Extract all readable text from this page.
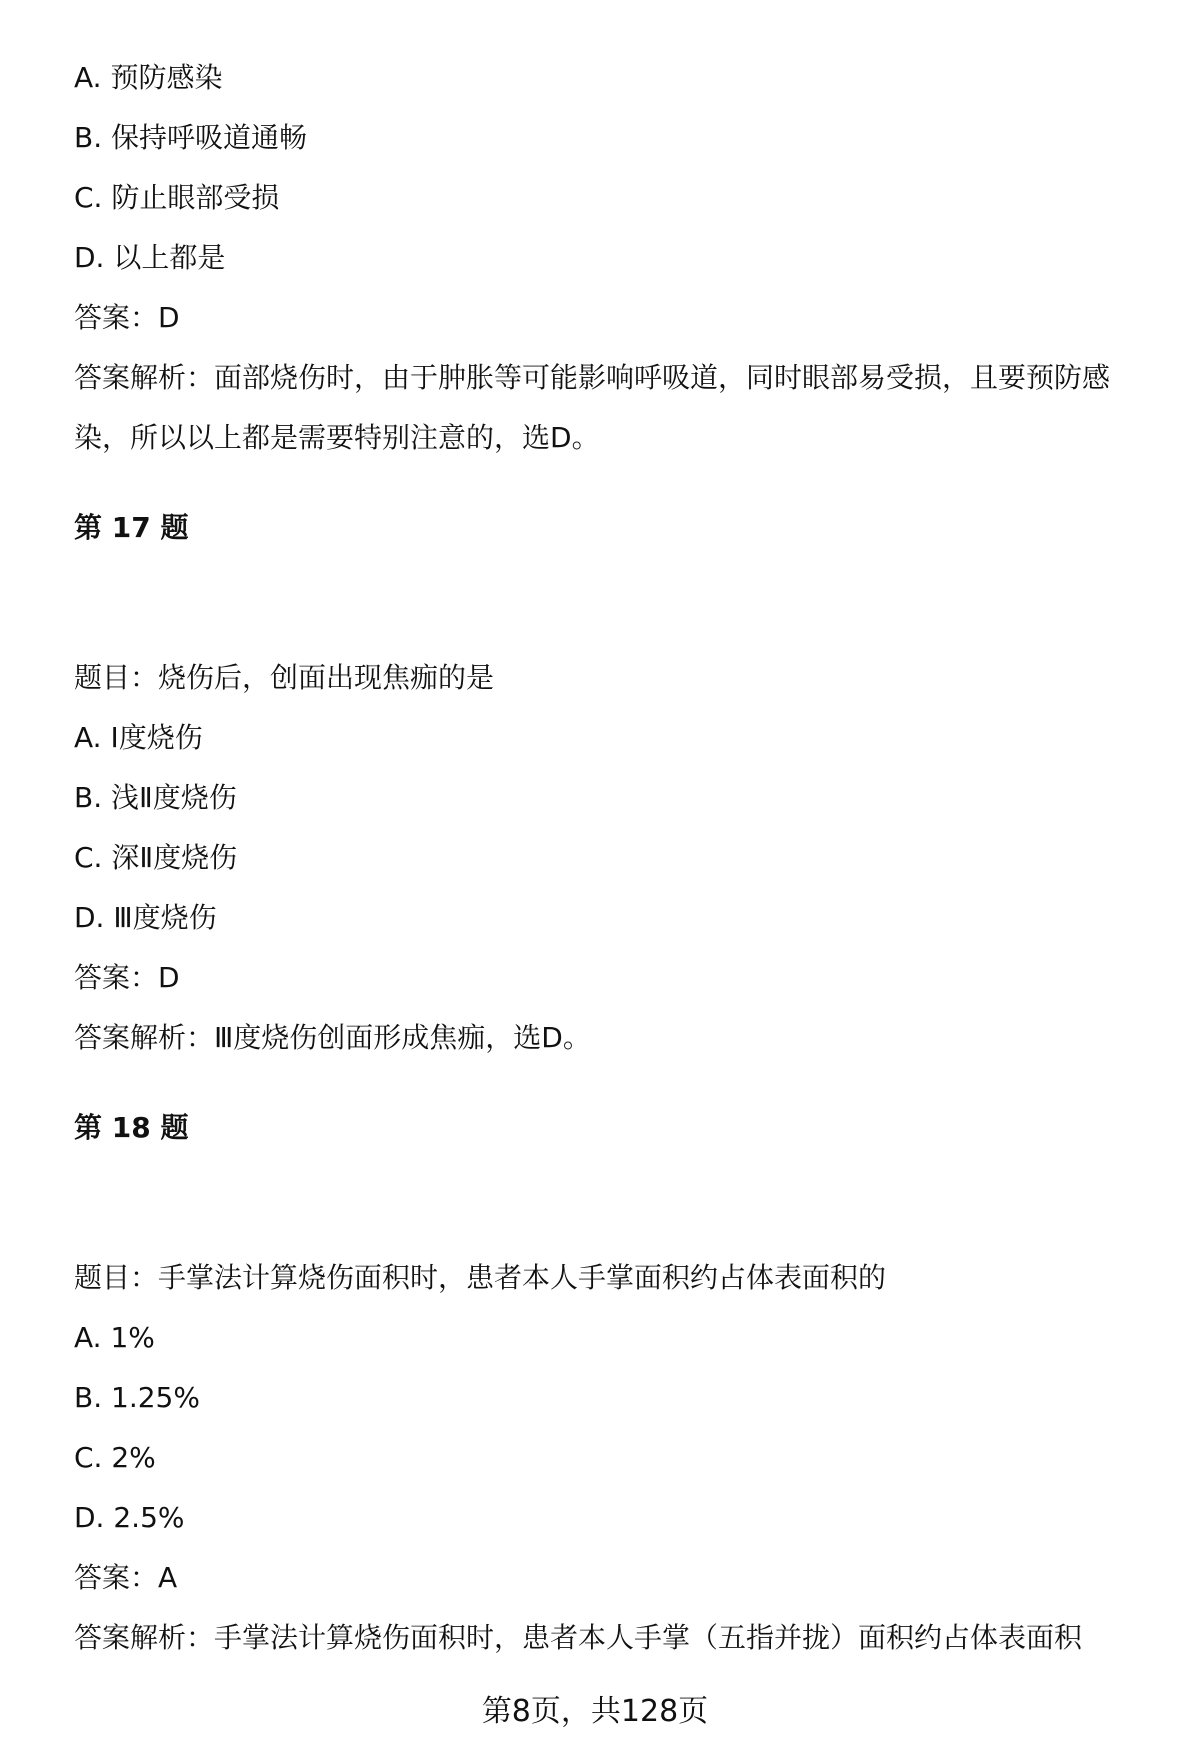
A. 预防感染
B. 保持呼吸道通畅
C. 防止眼部受损
D. 以上都是
答案：D
答案解析：面部烧伤时，由于肿胀等可能影响呼吸道，同时眼部易受损，且要预防感染，所以以上都是需要特别注意的，选D。
第 17 题
题目：烧伤后，创面出现焦痂的是
A. Ⅰ度烧伤
B. 浅Ⅱ度烧伤
C. 深Ⅱ度烧伤
D. Ⅲ度烧伤
答案：D
答案解析：Ⅲ度烧伤创面形成焦痂，选D。
第 18 题
题目：手掌法计算烧伤面积时，患者本人手掌面积约占体表面积的
A. 1%
B. 1.25%
C. 2%
D. 2.5%
答案：A
答案解析：手掌法计算烧伤面积时，患者本人手掌（五指并拢）面积约占体表面积
第8页，共128页
